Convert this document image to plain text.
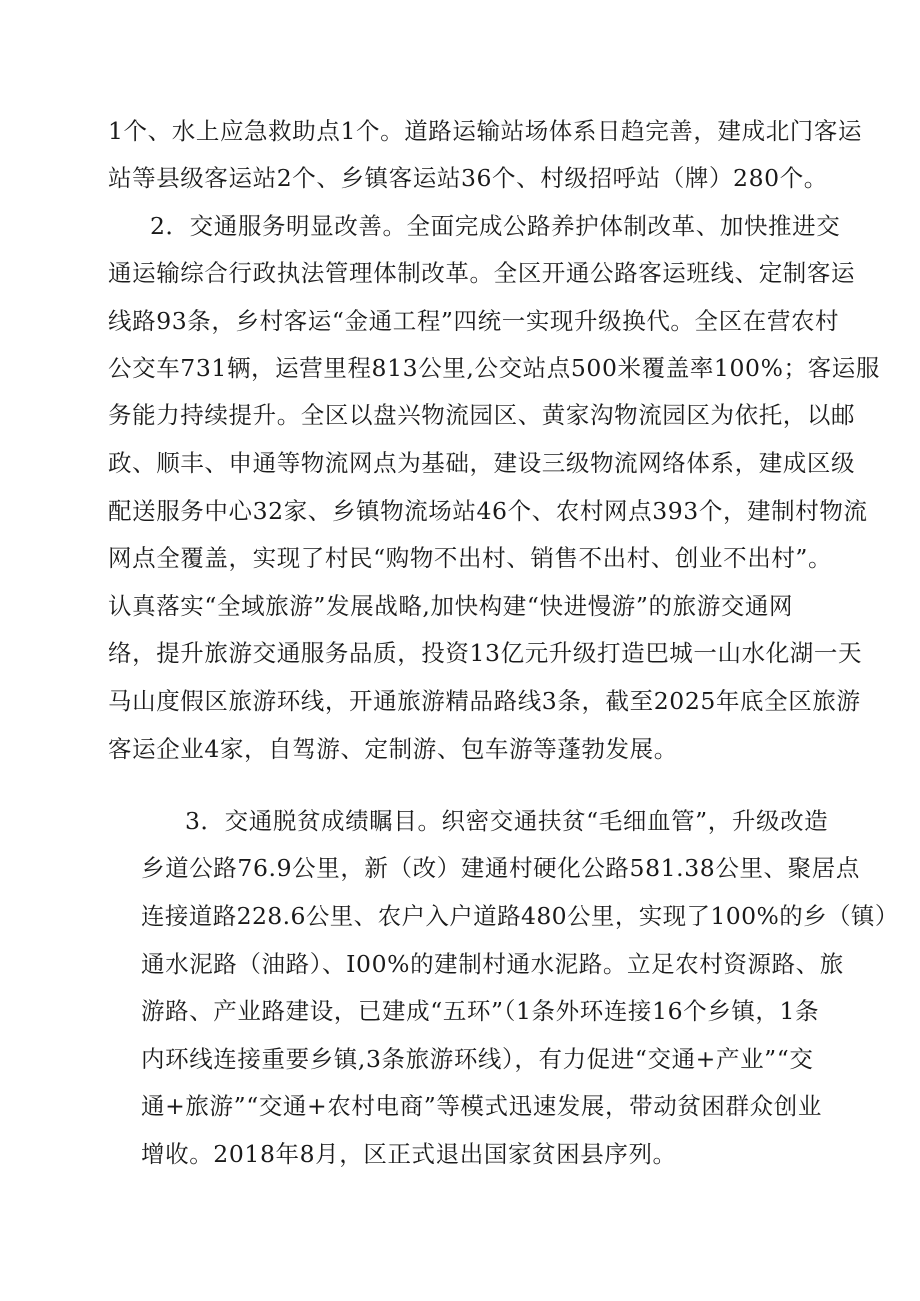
1个、水上应急救助点1个。道路运输站场体系日趋完善，建成北门客运

站等县级客运站2个、乡镇客运站36个、村级招呼站（牌）280个。

2．交通服务明显改善。全面完成公路养护体制改革、加快推进交

通运输综合行政执法管理体制改革。全区开通公路客运班线、定制客运

线路93条，乡村客运“金通工程”四统一实现升级换代。全区在营农村

公交车731辆，运营里程813公里,公交站点500米覆盖率100%；客运服

务能力持续提升。全区以盘兴物流园区、黄家沟物流园区为依托，以邮

政、顺丰、申通等物流网点为基础，建设三级物流网络体系，建成区级

配送服务中心32家、乡镇物流场站46个、农村网点393个，建制村物流

网点全覆盖，实现了村民“购物不出村、销售不出村、创业不出村”。

认真落实“全域旅游”发展战略,加快构建“快进慢游”的旅游交通网

络，提升旅游交通服务品质，投资13亿元升级打造巴城一山水化湖一天

马山度假区旅游环线，开通旅游精品路线3条，截至2025年底全区旅游

客运企业4家，自驾游、定制游、包车游等蓬勃发展。

3．交通脱贫成绩瞩目。织密交通扶贫“毛细血管”，升级改造

乡道公路76.9公里，新（改）建通村硬化公路581.38公里、聚居点

连接道路228.6公里、农户入户道路480公里，实现了100%的乡（镇）

通水泥路（油路）、I00%的建制村通水泥路。立足农村资源路、旅

游路、产业路建设，已建成“五环”（1条外环连接16个乡镇，1条

内环线连接重要乡镇,3条旅游环线），有力促进“交通+产业”“交

通+旅游”“交通+农村电商”等模式迅速发展，带动贫困群众创业

增收。2018年8月，区正式退出国家贫困县序列。
